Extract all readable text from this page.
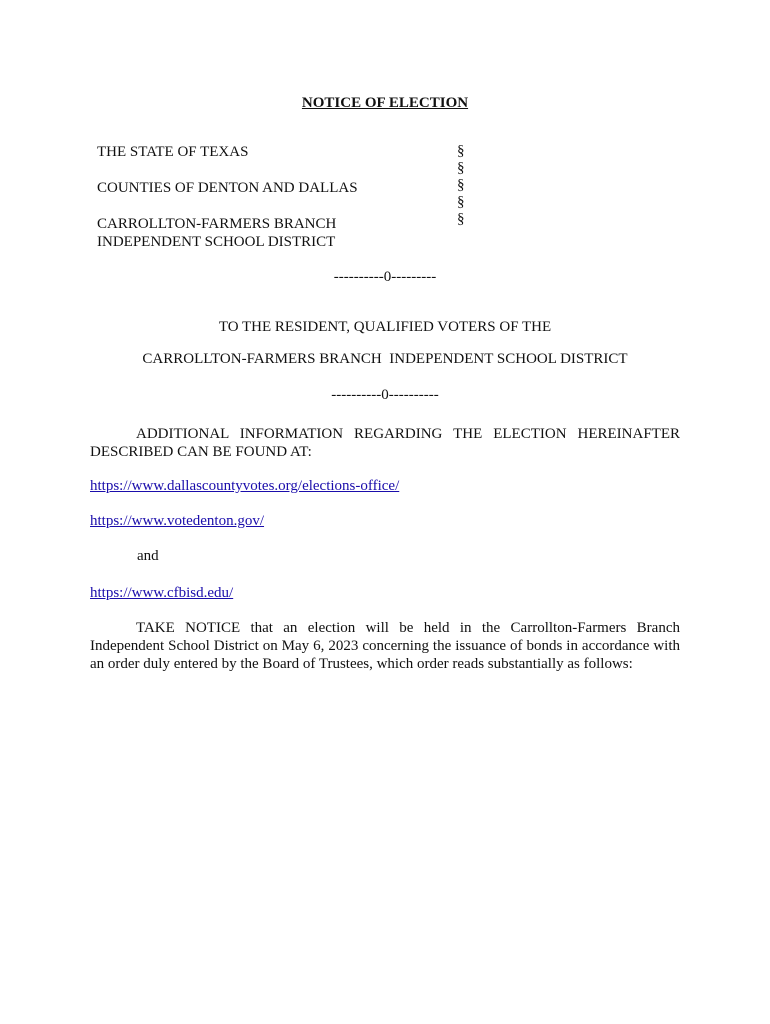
NOTICE OF ELECTION
THE STATE OF TEXAS
COUNTIES OF DENTON AND DALLAS
CARROLLTON-FARMERS BRANCH
INDEPENDENT SCHOOL DISTRICT
§
§
§
§
§
----------0---------
TO THE RESIDENT, QUALIFIED VOTERS OF THE
CARROLLTON-FARMERS BRANCH  INDEPENDENT SCHOOL DISTRICT
----------0----------
ADDITIONAL INFORMATION REGARDING THE ELECTION HEREINAFTER DESCRIBED CAN BE FOUND AT:
https://www.dallascountyvotes.org/elections-office/
https://www.votedenton.gov/
and
https://www.cfbisd.edu/
TAKE NOTICE that an election will be held in the Carrollton-Farmers Branch Independent School District on May 6, 2023 concerning the issuance of bonds in accordance with an order duly entered by the Board of Trustees, which order reads substantially as follows:
